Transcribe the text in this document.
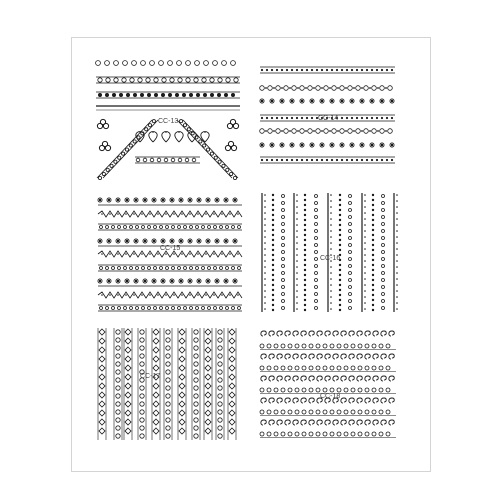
CC-13	CC-14
CC-15
CC-16
CC-17
CC-18
